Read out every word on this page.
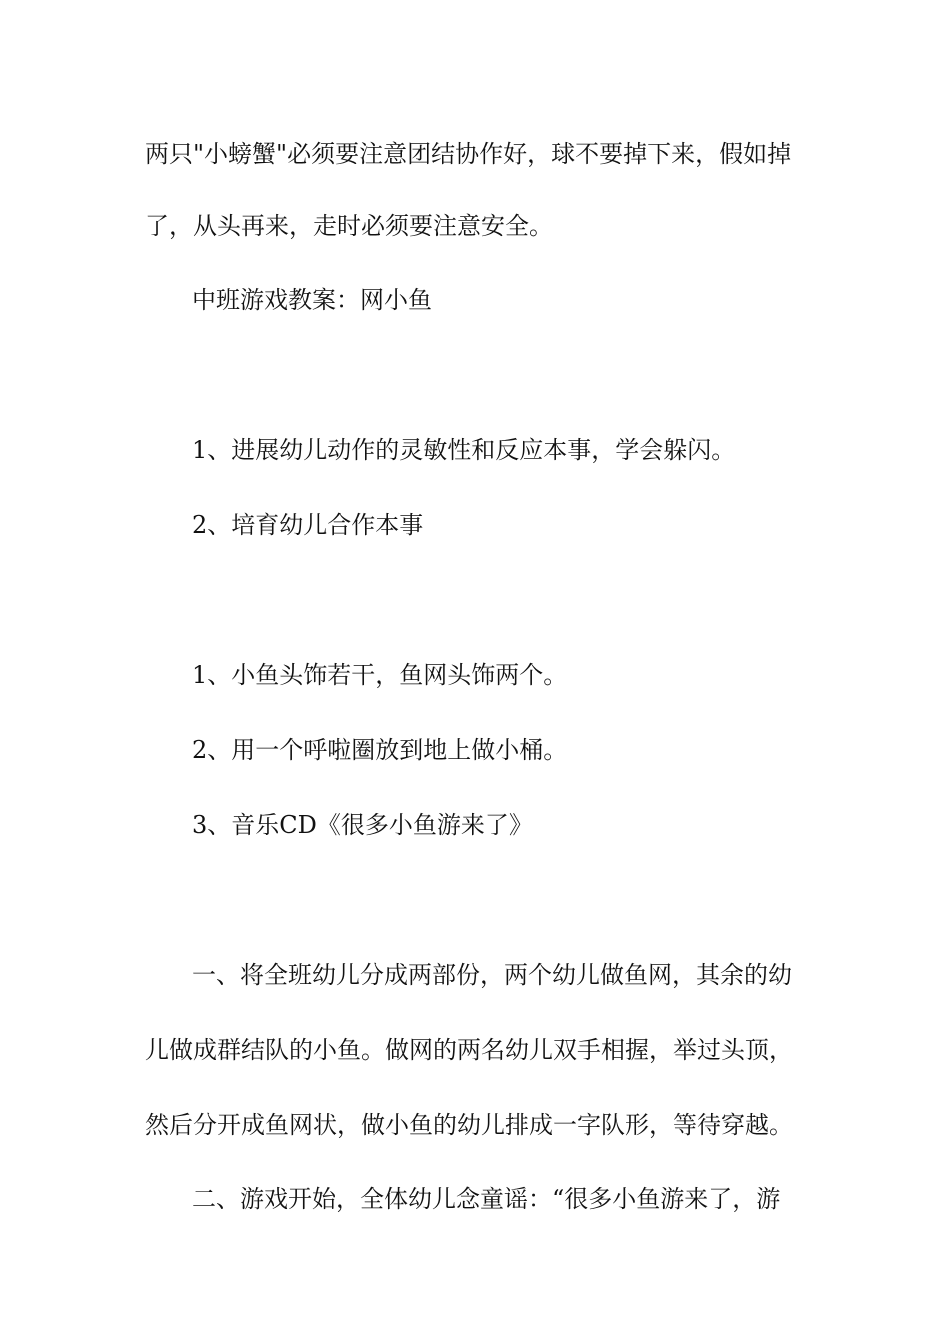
两只"小螃蟹"必须要注意团结协作好，球不要掉下来，假如掉
了，从头再来，走时必须要注意安全。
中班游戏教案：网小鱼
1、进展幼儿动作的灵敏性和反应本事，学会躲闪。
2、培育幼儿合作本事
1、小鱼头饰若干，鱼网头饰两个。
2、用一个呼啦圈放到地上做小桶。
3、音乐CD《很多小鱼游来了》
一、将全班幼儿分成两部份，两个幼儿做鱼网，其余的幼
儿做成群结队的小鱼。做网的两名幼儿双手相握，举过头顶，
然后分开成鱼网状，做小鱼的幼儿排成一字队形，等待穿越。
二、游戏开始，全体幼儿念童谣：“很多小鱼游来了，游
